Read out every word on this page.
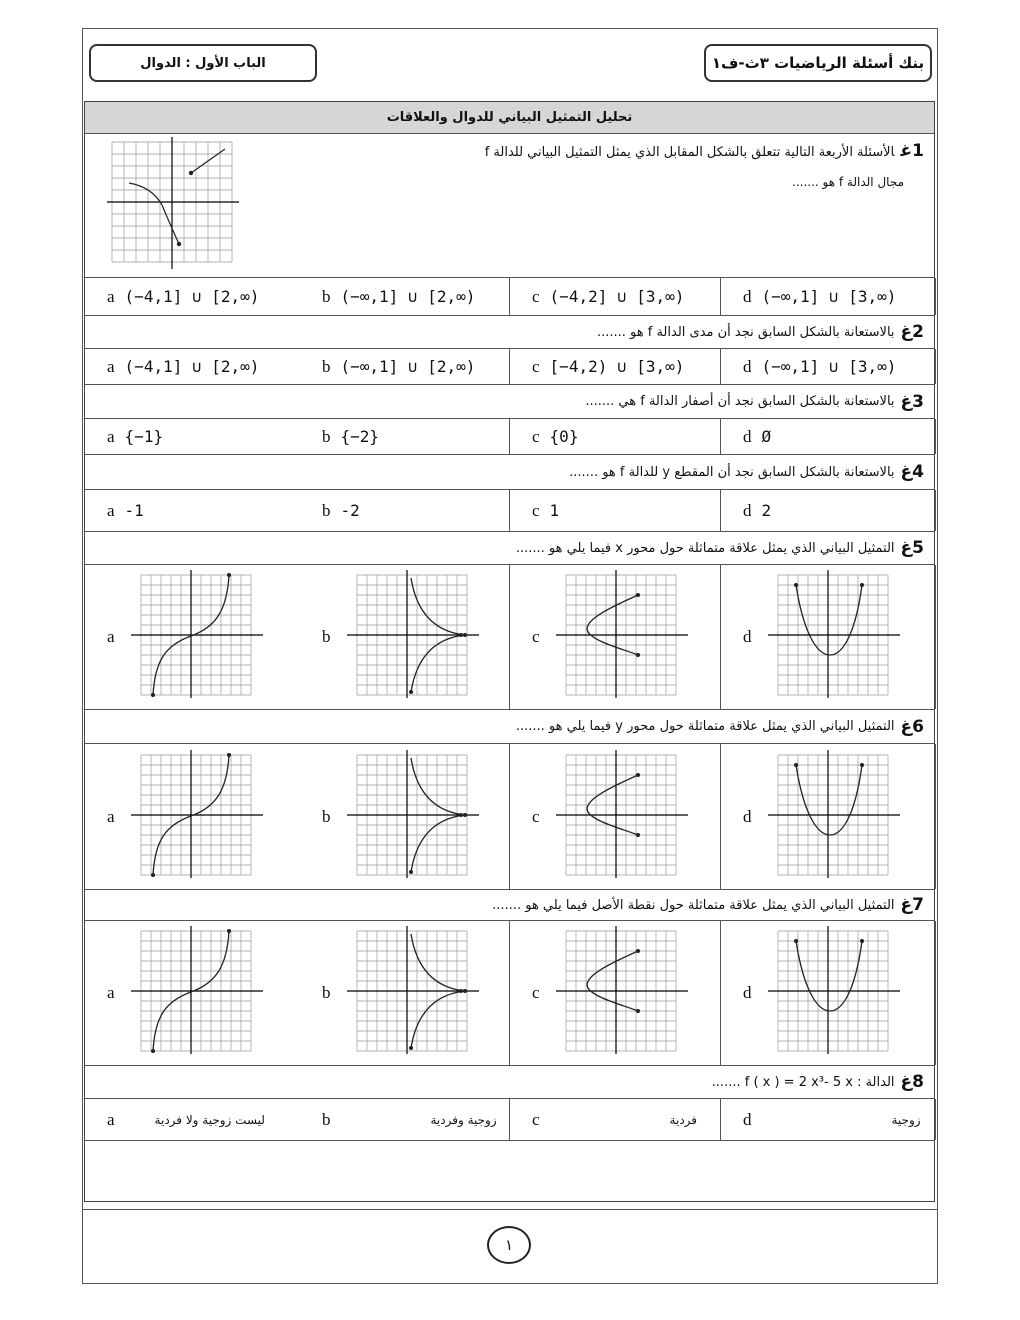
الباب الأول : الدوال	بنك أسئلة الرياضيات ٣ث-ف١
تحليل التمثيل البياني للدوال والعلاقات
1غالأسئلة الأربعة التالية تتعلق بالشكل المقابل الذي يمثل التمثيل البياني للدالة f
مجال الدالة f هو .......
a (−4,1] ∪ [2,∞)	b (−∞,1] ∪ [2,∞)	c (−4,2] ∪ [3,∞)	d (−∞,1] ∪ [3,∞)
2غ
بالاستعانة بالشكل السابق نجد أن مدى الدالة f هو .......
a (−4,1] ∪ [2,∞)	b (−∞,1] ∪ [2,∞)	c [−4,2) ∪ [3,∞)	d (−∞,1] ∪ [3,∞)
3غ
بالاستعانة بالشكل السابق نجد أن أصفار الدالة f هي .......
a {−1}	b {−2}	c {0}	d Ø
4غ
بالاستعانة بالشكل السابق نجد أن المقطع y للدالة f هو .......
a -1	b -2	c 1	d 2
5غ
التمثيل البياني الذي يمثل علاقة متماثلة حول محور x فيما يلي هو .......
a	b	c	d
6غ
التمثيل البياني الذي يمثل علاقة متماثلة حول محور y فيما يلي هو .......
a	b	c	d
7غ
التمثيل البياني الذي يمثل علاقة متماثلة حول نقطة الأصل فيما يلي هو .......
a	b	c	d
8غ
الدالة : f ( x ) = 2 x³- 5 x .......
a	ليست زوجية ولا فردية	b	زوجية وفردية c	فردية	d	زوجية
١
